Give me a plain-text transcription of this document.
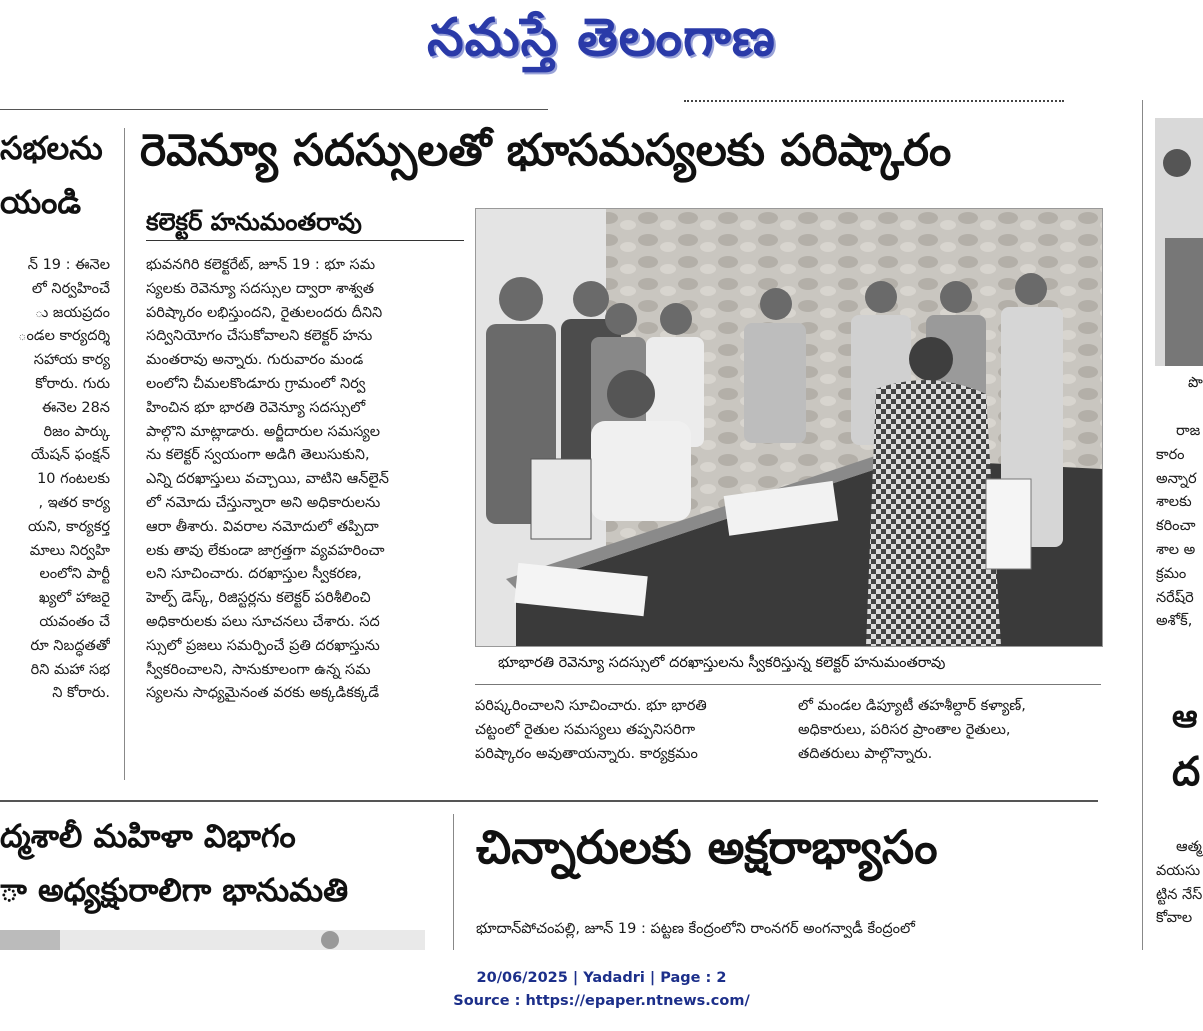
నమస్తే తెలంగాణ
సభలను
యండి
న్ 19 : ఈనెల
లో నిర్వహించే
ు జయప్రదం
ండల కార్యదర్శి
సహాయ కార్య
కోరారు. గురు
ఈనెల 28న
రిజం పార్కు
యేషన్ ఫంక్షన్
10 గంటలకు
, ఇతర కార్య
యని, కార్యకర్త
మాలు నిర్వహి
లంలోని పార్టీ
ఖ్యలో హాజరై
యవంతం చే
రూ నిబద్ధతతో
రిని మహా సభ
ని కోరారు.
రెవెన్యూ సదస్సులతో భూసమస్యలకు పరిష్కారం
కలెక్టర్ హనుమంతరావు
భువనగిరి కలెక్టరేట్, జూన్ 19 : భూ సమ
స్యలకు రెవెన్యూ సదస్సుల ద్వారా శాశ్వత
పరిష్కారం లభిస్తుందని, రైతులందరు దీనిని
సద్వినియోగం చేసుకోవాలని కలెక్టర్ హను
మంతరావు అన్నారు. గురువారం మండ
లంలోని చీమలకొండూరు గ్రామంలో నిర్వ
హించిన భూ భారతి రెవెన్యూ సదస్సులో
పాల్గొని మాట్లాడారు. అర్జీదారుల సమస్యల
ను కలెక్టర్ స్వయంగా అడిగి తెలుసుకుని,
ఎన్ని దరఖాస్తులు వచ్చాయి, వాటిని ఆన్‌లైన్
లో నమోదు చేస్తున్నారా అని అధికారులను
ఆరా తీశారు. వివరాల నమోదులో తప్పిదా
లకు తావు లేకుండా జాగ్రత్తగా వ్యవహరించా
లని సూచించారు. దరఖాస్తుల స్వీకరణ,
హెల్ప్ డెస్క్, రిజిస్టర్లను కలెక్టర్ పరిశీలించి
అధికారులకు పలు సూచనలు చేశారు. సద
స్సులో ప్రజలు సమర్పించే ప్రతి దరఖాస్తును
స్వీకరించాలని, సానుకూలంగా ఉన్న సమ
స్యలను సాధ్యమైనంత వరకు అక్కడికక్కడే
భూభారతి రెవెన్యూ సదస్సులో దరఖాస్తులను స్వీకరిస్తున్న కలెక్టర్ హనుమంతరావు
పరిష్కరించాలని సూచించారు. భూ భారతి
చట్టంలో రైతుల సమస్యలు తప్పనిసరిగా
పరిష్కారం అవుతాయన్నారు. కార్యక్రమం
లో మండల డిప్యూటీ తహశీల్దార్ కళ్యాణ్,
అధికారులు, పరిసర ప్రాంతాల రైతులు,
తదితరులు పాల్గొన్నారు.
ద్మశాలీ మహిళా విభాగం
ా అధ్యక్షురాలిగా భానుమతి
చిన్నారులకు అక్షరాభ్యాసం
భూదాన్‌పోచంపల్లి, జూన్ 19 : పట్టణ కేంద్రంలోని రాంనగర్ అంగన్వాడీ కేంద్రంలో
పొ
రాజ
కారం
అన్నార
శాలకు
కరించా
శాల అ
క్రమం
నరేష్‌రె
అశోక్,
ఆ
ద
ఆత్మ
వయసు
ట్టిన నేస్
కోవాల
20/06/2025 | Yadadri | Page : 2
Source : https://epaper.ntnews.com/
